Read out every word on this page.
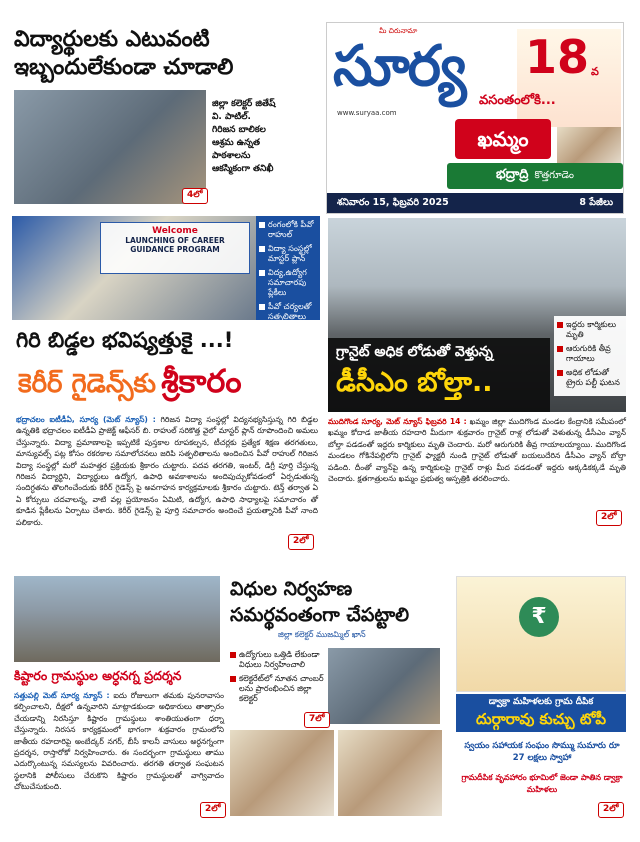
విద్యార్థులకు ఎటువంటి
ఇబ్బందులేకుండా చూడాలి
4లో
జిల్లా కలెక్టర్ జితేష్
వి. పాటిల్.
గిరిజన బాలికల
ఆశ్రమ ఉన్నత
పాఠశాలను
ఆకస్మికంగా తనిఖీ
మీ చిరునామా
సూర్య
www.suryaa.com
18 వ
వసంతంలోకి...
ఖమ్మం
భద్రాద్రి కొత్తగూడెం
శనివారం 15, ఫిబ్రవరి 2025	8 పేజీలు
Welcome
LAUNCHING OF CAREER
GUIDANCE PROGRAM
రంగంలోకి పీవో రాహుల్
విద్యా సంస్థల్లో మాస్టర్ ప్లాన్
విద్య,ఉద్యోగ సమాచారపు ప్లేకీలు
పీవో చర్యలతో సత్ఫలితాలు
గిరి బిడ్డల భవిష్యత్తుకై ...!
కెరీర్ గైడెన్స్‌కు శ్రీకారం
భద్రాచలం ఐటీడీఏ, సూర్య (మెట్ న్యూస్) : గిరిజన విద్యా సంస్థల్లో విద్యనభ్యసిస్తున్న గిరి బిడ్డల ఉన్నతికి భద్రాచలం ఐటీడీఏ ప్రాజెక్ట్ ఆఫీసర్ బి. రాహుల్ సరికొత్త వైలో మాస్టర్ ప్లాన్ రూపొందించి అమలు చేస్తున్నారు. విద్యా ప్రమాణాలపై ఇప్పటికే పుస్తకాల రూపకల్పన, టీచర్లకు ప్రత్యేక శిక్షణ తరగతులు, మాన్యువల్స్ పట్ల కోసం రకరకాల సమాలోచనలు జరిపి సత్ఫలితాలను అందించిన పీవో రాహుల్ గిరిజన విద్యా సంస్థల్లో మరో మహత్తర ప్రక్రియకు శ్రీకారం చుట్టారు. పదవ తరగతి, ఇంటర్, డిగ్రీ పూర్తి చేస్తున్న గిరిజన విద్యార్థిని, విద్యార్థులు ఉద్యోగ, ఉపాధి అవకాశాలను అందిపుచ్చుకోవడంలో ఏర్పడుతున్న సందిగ్ధతను తొలగించేందుకు కెరీర్ గైడెన్స్ పై అవగాహన కార్యక్రమాలకు శ్రీకారం చుట్టారు. టెన్త్ తర్వాత ఏ ఏ కోర్సులు చదవాలన్న, వాటి వల్ల ప్రయోజనం ఏమిటి, ఉద్యోగ, ఉపాధి సాధ్యాలపై సమాచారం తో కూడిన ప్లేకీలను ఏర్పాటు చేశారు. కెరీర్ గైడెన్స్ పై పూర్తి సమాచారం అందించే ప్రయత్నానికి పీవో నాంది పలికారు.
2లో
ఇద్దరు కార్మికులు మృతి
ఆరుగురికి తీవ్ర గాయాలు
అధిక లోడుతో ట్రైరు పల్టీ ఘటన
గ్రానైట్ అధిక లోడుతో వెళ్తున్న
డీసీఎం బోల్తా..
ముదిగొండ సూర్య, మెట్ న్యూస్ ఫిబ్రవరి 14 : ఖమ్మం జిల్లా ముదిగొండ మండల కేంద్రానికి సమీపంలో ఖమ్మం కోదాడ జాతీయ రహదారి మీదుగా శుక్రవారం గ్రానైట్ రాళ్ల లోడుతో వెళుతున్న డీసీఎం వ్యాన్ బోల్తా పడడంతో ఇద్దరు కార్మికులు మృతి చెందారు. మరో ఆరుగురికి తీవ్ర గాయాలయ్యాయి. ముదిగొండ మండలం గోకినేపల్లిలోని గ్రానైట్ ఫ్యాక్టరీ నుండి గ్రానైట్ లోడుతో బయలుదేరిన డీసీఎం వ్యాన్ బోల్తా పడింది. దీంతో వ్యాన్‌పై ఉన్న కార్మికులపై గ్రానైట్ రాళ్లు మీద పడడంతో ఇద్దరు అక్కడికక్కడే మృతి చెందారు. క్షతగాత్రులను ఖమ్మం ప్రభుత్వ ఆస్పత్రికి తరలించారు.
2లో
కిష్టారం గ్రామస్థుల అర్ధనగ్న ప్రదర్శన
సత్తుపల్లి మెట్ సూర్య న్యూస్ : ఐదు రోజులుగా తమకు పునరావాసం కల్పించాలని, దీక్షలో ఉన్నవారిని మాట్లాడకుండా అధికారులు తాత్సారం చేయడాన్ని నిరసిస్తూ కిష్టారం గ్రామస్థులు శాంతియుతంగా ధర్నా చేస్తున్నారు. నిరసన కార్యక్రమంలో భాగంగా శుక్రవారం గ్రామంలోని జాతీయ రహదారిపై అంబేద్కర్ నగర్, బీసీ కాలనీ వాసులు అర్ధనగ్నంగా ప్రదర్శన, రాస్తారోకో నిర్వహించారు. ఈ సందర్భంగా గ్రామస్థులు తాము ఎదుర్కొంటున్న సమస్యలను వివరించారు. తరగతి తర్వాత సంఘటన స్థలానికి పోలీసులు చేరుకొని కిష్టారం గ్రామస్థులతో వాగ్వివాదం చోటుచేసుకుంది.
2లో
విధుల నిర్వహణ
సమర్థవంతంగా చేపట్టాలి
జిల్లా కలెక్టర్ ముజమ్మిల్ ఖాన్
ఉద్యోగులు ఒత్తిడి లేకుండా విధులు నిర్వహించాలి
కలెక్టరేట్‌లో నూతన చాంబర్ లను ప్రారంభించిన జిల్లా కలెక్టర్
7లో
₹
డ్వాక్రా మహిళలకు గ్రామ దీపిక
దుర్గారావు కుచ్చు టోపీ
స్వయం సహాయక సంఘం సొమ్ము సుమారు రూ 27 లక్షలు స్వాహా
గ్రామదీపిక వృవహారం భూమిలో జెండా పాతిన డ్వాక్రా మహిళలు
2లో
